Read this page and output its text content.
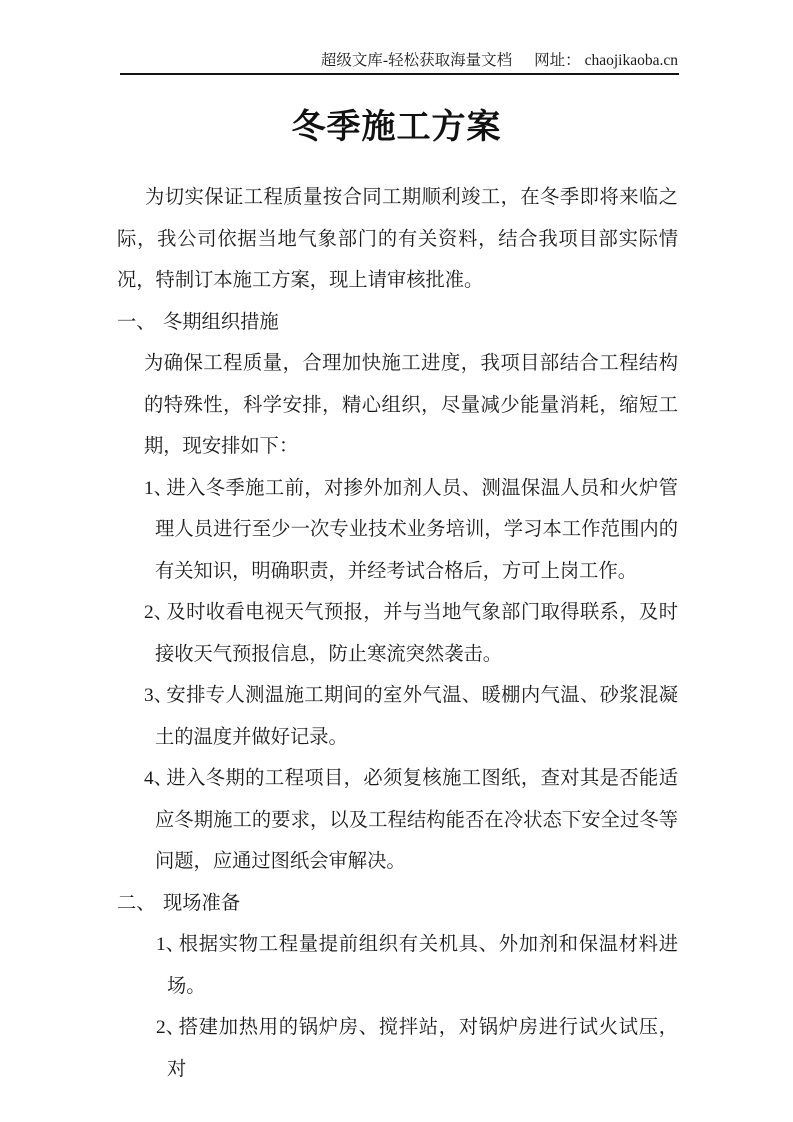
超级文库-轻松获取海量文档 网址： chaojikaoba.cn
冬季施工方案

为切实保证工程质量按合同工期顺利竣工，在冬季即将来临之际，我公司依据当地气象部门的有关资料，结合我项目部实际情况，特制订本施工方案，现上请审核批准。

一、 冬期组织措施

为确保工程质量，合理加快施工进度，我项目部结合工程结构的特殊性，科学安排，精心组织，尽量减少能量消耗，缩短工期，现安排如下：

1、进入冬季施工前，对掺外加剂人员、测温保温人员和火炉管理人员进行至少一次专业技术业务培训，学习本工作范围内的有关知识，明确职责，并经考试合格后，方可上岗工作。
2、及时收看电视天气预报，并与当地气象部门取得联系，及时接收天气预报信息，防止寒流突然袭击。
3、安排专人测温施工期间的室外气温、暖棚内气温、砂浆混凝土的温度并做好记录。
4、进入冬期的工程项目，必须复核施工图纸，查对其是否能适应冬期施工的要求，以及工程结构能否在冷状态下安全过冬等问题，应通过图纸会审解决。
二、 现场准备
1、根据实物工程量提前组织有关机具、外加剂和保温材料进场。
2、搭建加热用的锅炉房、搅拌站，对锅炉房进行试火试压，对
